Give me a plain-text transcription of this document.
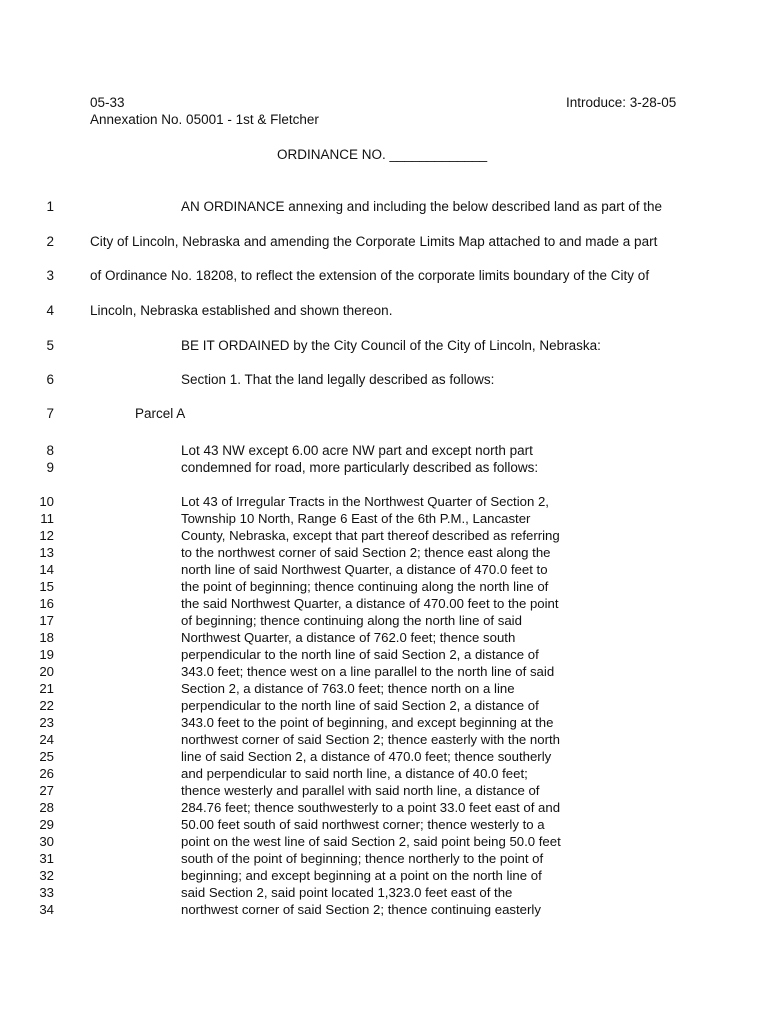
05-33
Annexation No. 05001 - 1st & Fletcher
Introduce: 3-28-05
ORDINANCE NO. _____________
1	AN ORDINANCE annexing and including the below described land as part of the
2	City of Lincoln, Nebraska and amending the Corporate Limits Map attached to and made a part
3	of Ordinance No. 18208, to reflect the extension of the corporate limits boundary of the City of
4	Lincoln, Nebraska established and shown thereon.
5	BE IT ORDAINED by the City Council of the City of Lincoln, Nebraska:
6	Section 1. That the land legally described as follows:
7	Parcel A
8	Lot 43 NW except 6.00 acre NW part and except north part
9	condemned for road, more particularly described as follows:
10	Lot 43 of Irregular Tracts in the Northwest Quarter of Section 2,
11	Township 10 North, Range 6 East of the 6th P.M., Lancaster
12	County, Nebraska, except that part thereof described as referring
13	to the northwest corner of said Section 2; thence east along the
14	north line of said Northwest Quarter, a distance of 470.0 feet to
15	the point of beginning; thence continuing along the north line of
16	the said Northwest Quarter, a distance of 470.00 feet to the point
17	of beginning; thence continuing along the north line of said
18	Northwest Quarter, a distance of 762.0 feet; thence south
19	perpendicular to the north line of said Section 2, a distance of
20	343.0 feet; thence west on a line parallel to the north line of said
21	Section 2, a distance of 763.0 feet; thence north on a line
22	perpendicular to the north line of said Section 2, a distance of
23	343.0 feet to the point of beginning, and except beginning at the
24	northwest corner of said Section 2; thence easterly with the north
25	line of said Section 2, a distance of 470.0 feet; thence southerly
26	and perpendicular to said north line, a distance of 40.0 feet;
27	thence westerly and parallel with said north line, a distance of
28	284.76 feet; thence southwesterly to a point 33.0 feet east of and
29	50.00 feet south of said northwest corner; thence westerly to a
30	point on the west line of said Section 2, said point being 50.0 feet
31	south of the point of beginning; thence northerly to the point of
32	beginning; and except beginning at a point on the north line of
33	said Section 2, said point located 1,323.0 feet east of the
34	northwest corner of said Section 2; thence continuing easterly
